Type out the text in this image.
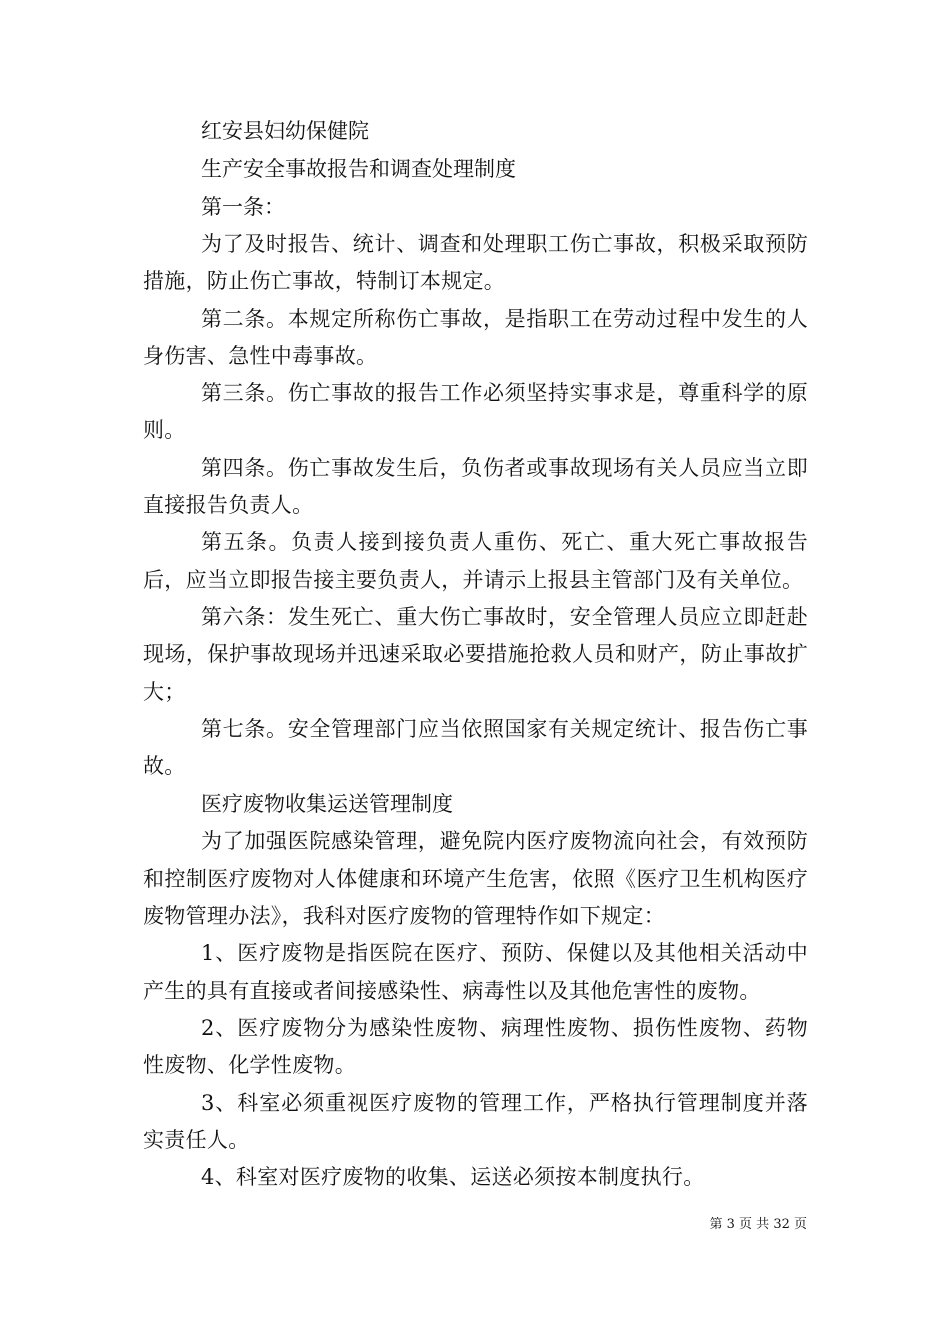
红安县妇幼保健院
生产安全事故报告和调查处理制度
第一条：

为了及时报告、统计、调查和处理职工伤亡事故，积极采取预防措施，防止伤亡事故，特制订本规定。

第二条。本规定所称伤亡事故，是指职工在劳动过程中发生的人身伤害、急性中毒事故。

第三条。伤亡事故的报告工作必须坚持实事求是，尊重科学的原则。

第四条。伤亡事故发生后，负伤者或事故现场有关人员应当立即直接报告负责人。

第五条。负责人接到接负责人重伤、死亡、重大死亡事故报告后，应当立即报告接主要负责人，并请示上报县主管部门及有关单位。

第六条：发生死亡、重大伤亡事故时，安全管理人员应立即赶赴现场，保护事故现场并迅速采取必要措施抢救人员和财产，防止事故扩大；

第七条。安全管理部门应当依照国家有关规定统计、报告伤亡事故。

医疗废物收集运送管理制度

为了加强医院感染管理，避免院内医疗废物流向社会，有效预防和控制医疗废物对人体健康和环境产生危害，依照《医疗卫生机构医疗废物管理办法》，我科对医疗废物的管理特作如下规定：

1、医疗废物是指医院在医疗、预防、保健以及其他相关活动中产生的具有直接或者间接感染性、病毒性以及其他危害性的废物。

2、医疗废物分为感染性废物、病理性废物、损伤性废物、药物性废物、化学性废物。

3、科室必须重视医疗废物的管理工作，严格执行管理制度并落实责任人。

4、科室对医疗废物的收集、运送必须按本制度执行。

第 3 页 共 32 页
